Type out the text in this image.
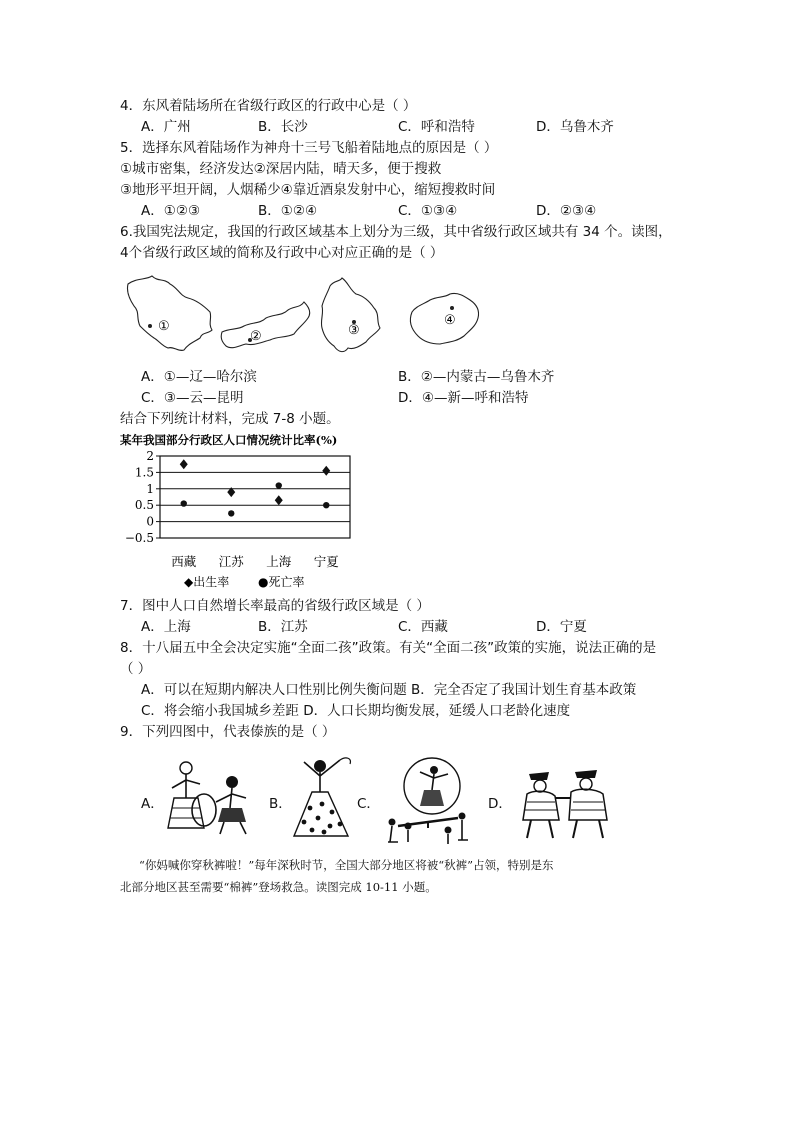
4．东风着陆场所在省级行政区的行政中心是（ ）
A．广州	B．长沙	C．呼和浩特	D．乌鲁木齐
5．选择东风着陆场作为神舟十三号飞船着陆地点的原因是（ ）
①城市密集，经济发达②深居内陆，晴天多，便于搜救
③地形平坦开阔，人烟稀少④靠近酒泉发射中心，缩短搜救时间
A．①②③	B．①②④	C．①③④	D．②③④
6.我国宪法规定，我国的行政区域基本上划分为三级，其中省级行政区域共有 34 个。读图，
4个省级行政区域的简称及行政中心对应正确的是（ ）
①
②	③
④
A．①—辽—哈尔滨	B．②—内蒙古—乌鲁木齐
C．③—云—昆明	D．④—新—呼和浩特
结合下列统计材料，完成 7-8 小题。
某年我国部分行政区人口情况统计比率(%)
2
1.5
1
0.5
0
−0.5
西藏 江苏 上海 宁夏
◆出生率 ●死亡率
7．图中人口自然增长率最高的省级行政区域是（ ）
A．上海	B．江苏	C．西藏	D．宁夏
8．十八届五中全会决定实施“全面二孩”政策。有关“全面二孩”政策的实施，说法正确的是
（ ）
A．可以在短期内解决人口性别比例失衡问题 B．完全否定了我国计划生育基本政策
C．将会缩小我国城乡差距 D．人口长期均衡发展，延缓人口老龄化速度
9．下列四图中，代表傣族的是（ ）
A．	B．	C．	D．
“你妈喊你穿秋裤啦！”每年深秋时节，全国大部分地区将被“秋裤”占领，特别是东
北部分地区甚至需要“棉裤”登场救急。读图完成 10-11 小题。
